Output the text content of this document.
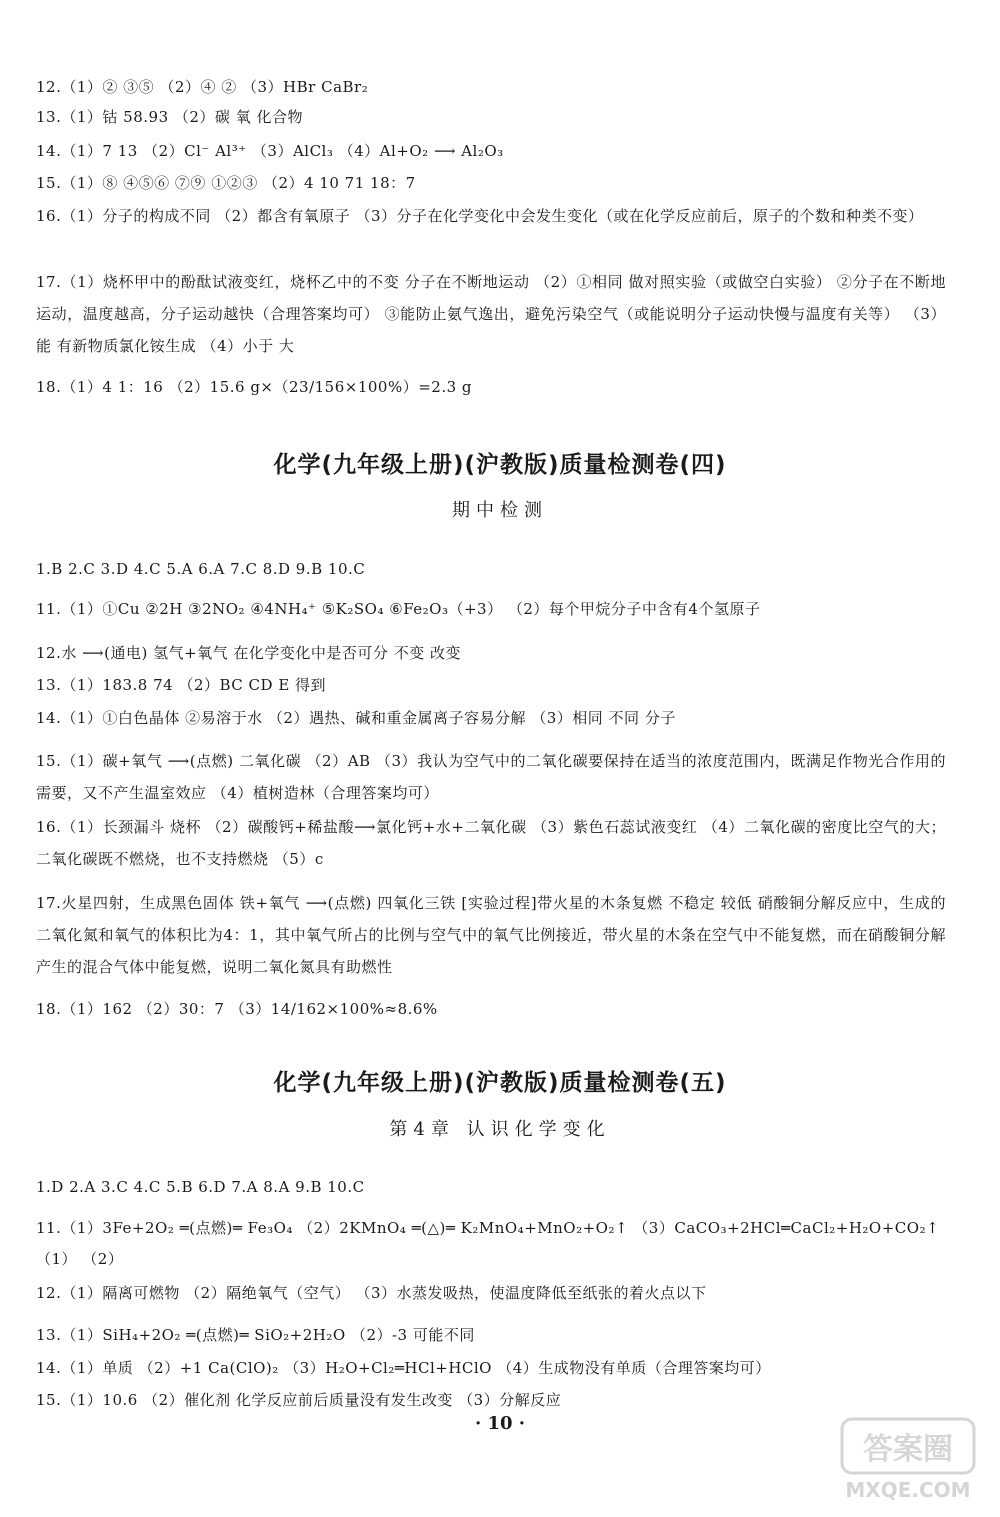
12.（1）② ③⑤ （2）④ ② （3）HBr CaBr₂
13.（1）钴 58.93 （2）碳 氧 化合物
14.（1）7 13 （2）Cl⁻ Al³⁺ （3）AlCl₃ （4）Al+O₂ ⟶ Al₂O₃
15.（1）⑧ ④⑤⑥ ⑦⑨ ①②③ （2）4 10 71 18：7
16.（1）分子的构成不同 （2）都含有氧原子 （3）分子在化学变化中会发生变化（或在化学反应前后，原子的个数和种类不变）
17.（1）烧杯甲中的酚酞试液变红，烧杯乙中的不变 分子在不断地运动 （2）①相同 做对照实验（或做空白实验） ②分子在不断地运动，温度越高，分子运动越快（合理答案均可） ③能防止氨气逸出，避免污染空气（或能说明分子运动快慢与温度有关等） （3）能 有新物质氯化铵生成 （4）小于 大
18.（1）4 1：16 （2）15.6 g×（23/156×100%）=2.3 g
化学(九年级上册)(沪教版)质量检测卷(四)
期中检测
1.B 2.C 3.D 4.C 5.A 6.A 7.C 8.D 9.B 10.C
11.（1）①Cu ②2H ③2NO₂ ④4NH₄⁺ ⑤K₂SO₄ ⑥Fe₂O₃（+3） （2）每个甲烷分子中含有4个氢原子
12.水 ⟶(通电) 氢气+氧气 在化学变化中是否可分 不变 改变
13.（1）183.8 74 （2）BC CD E 得到
14.（1）①白色晶体 ②易溶于水 （2）遇热、碱和重金属离子容易分解 （3）相同 不同 分子
15.（1）碳+氧气 ⟶(点燃) 二氧化碳 （2）AB （3）我认为空气中的二氧化碳要保持在适当的浓度范围内，既满足作物光合作用的需要，又不产生温室效应 （4）植树造林（合理答案均可）
16.（1）长颈漏斗 烧杯 （2）碳酸钙+稀盐酸⟶氯化钙+水+二氧化碳 （3）紫色石蕊试液变红 （4）二氧化碳的密度比空气的大；二氧化碳既不燃烧，也不支持燃烧 （5）c
17.火星四射，生成黑色固体 铁+氧气 ⟶(点燃) 四氧化三铁 [实验过程]带火星的木条复燃 不稳定 较低 硝酸铜分解反应中，生成的二氧化氮和氧气的体积比为4：1，其中氧气所占的比例与空气中的氧气比例接近，带火星的木条在空气中不能复燃，而在硝酸铜分解产生的混合气体中能复燃，说明二氧化氮具有助燃性
18.（1）162 （2）30：7 （3）14/162×100%≈8.6%
化学(九年级上册)(沪教版)质量检测卷(五)
第4章 认识化学变化
1.D 2.A 3.C 4.C 5.B 6.D 7.A 8.A 9.B 10.C
11.（1）3Fe+2O₂ ═(点燃)═ Fe₃O₄ （2）2KMnO₄ ═(△)═ K₂MnO₄+MnO₂+O₂↑ （3）CaCO₃+2HCl═CaCl₂+H₂O+CO₂↑
（1） （2）
12.（1）隔离可燃物 （2）隔绝氧气（空气） （3）水蒸发吸热，使温度降低至纸张的着火点以下
13.（1）SiH₄+2O₂ ═(点燃)═ SiO₂+2H₂O （2）-3 可能不同
14.（1）单质 （2）+1 Ca(ClO)₂ （3）H₂O+Cl₂═HCl+HClO （4）生成物没有单质（合理答案均可）
15.（1）10.6 （2）催化剂 化学反应前后质量没有发生改变 （3）分解反应
· 10 ·
答案圈
MXQE.COM
